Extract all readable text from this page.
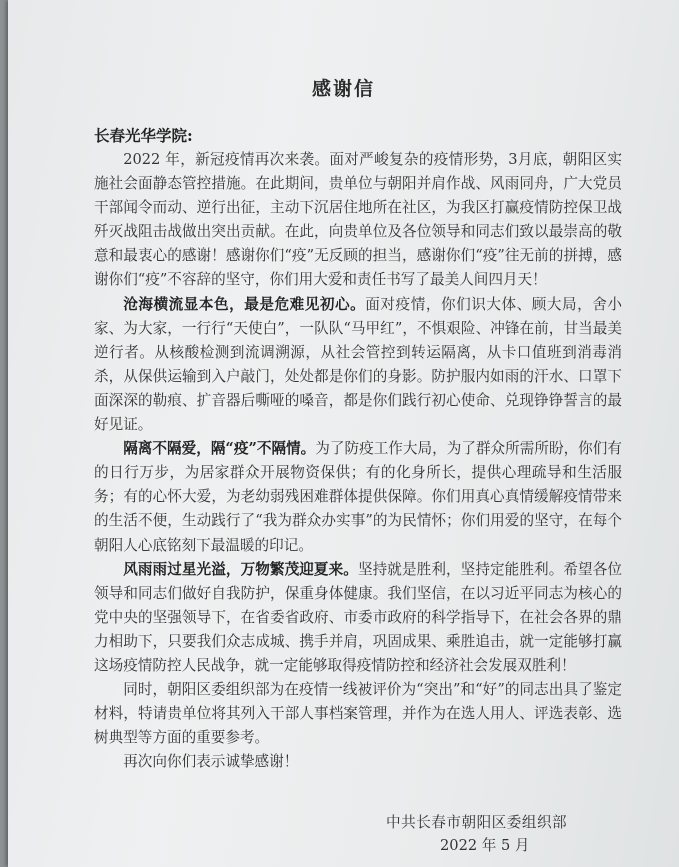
感谢信
长春光华学院:

2022 年，新冠疫情再次来袭。面对严峻复杂的疫情形势，3月底，朝阳区实施社会面静态管控措施。在此期间，贵单位与朝阳并肩作战、风雨同舟，广大党员干部闻令而动、逆行出征，主动下沉居住地所在社区，为我区打赢疫情防控保卫战歼灭战阻击战做出突出贡献。在此，向贵单位及各位领导和同志们致以最崇高的敬意和最衷心的感谢！感谢你们“疫”无反顾的担当，感谢你们“疫”往无前的拼搏，感谢你们“疫”不容辞的坚守，你们用大爱和责任书写了最美人间四月天！

沧海横流显本色，最是危难见初心。面对疫情，你们识大体、顾大局，舍小家、为大家，一行行“天使白”，一队队“马甲红”，不惧艰险、冲锋在前，甘当最美逆行者。从核酸检测到流调溯源，从社会管控到转运隔离，从卡口值班到消毒消杀，从保供运输到入户敲门，处处都是你们的身影。防护服内如雨的汗水、口罩下面深深的勒痕、扩音器后嘶哑的嗓音，都是你们践行初心使命、兑现铮铮誓言的最好见证。

隔离不隔爱，隔“疫”不隔情。为了防疫工作大局，为了群众所需所盼，你们有的日行万步，为居家群众开展物资保供；有的化身所长，提供心理疏导和生活服务；有的心怀大爱，为老幼弱残困难群体提供保障。你们用真心真情缓解疫情带来的生活不便，生动践行了“我为群众办实事”的为民情怀；你们用爱的坚守，在每个朝阳人心底铭刻下最温暖的印记。

风雨雨过星光溢，万物繁茂迎夏来。坚持就是胜利，坚持定能胜利。希望各位领导和同志们做好自我防护，保重身体健康。我们坚信，在以习近平同志为核心的党中央的坚强领导下，在省委省政府、市委市政府的科学指导下，在社会各界的鼎力相助下，只要我们众志成城、携手并肩，巩固成果、乘胜追击，就一定能够打赢这场疫情防控人民战争，就一定能够取得疫情防控和经济社会发展双胜利！

同时，朝阳区委组织部为在疫情一线被评价为“突出”和“好”的同志出具了鉴定材料，特请贵单位将其列入干部人事档案管理，并作为在选人用人、评选表彰、选树典型等方面的重要参考。

再次向你们表示诚挚感谢！

中共长春市朝阳区委组织部
2022 年 5 月
